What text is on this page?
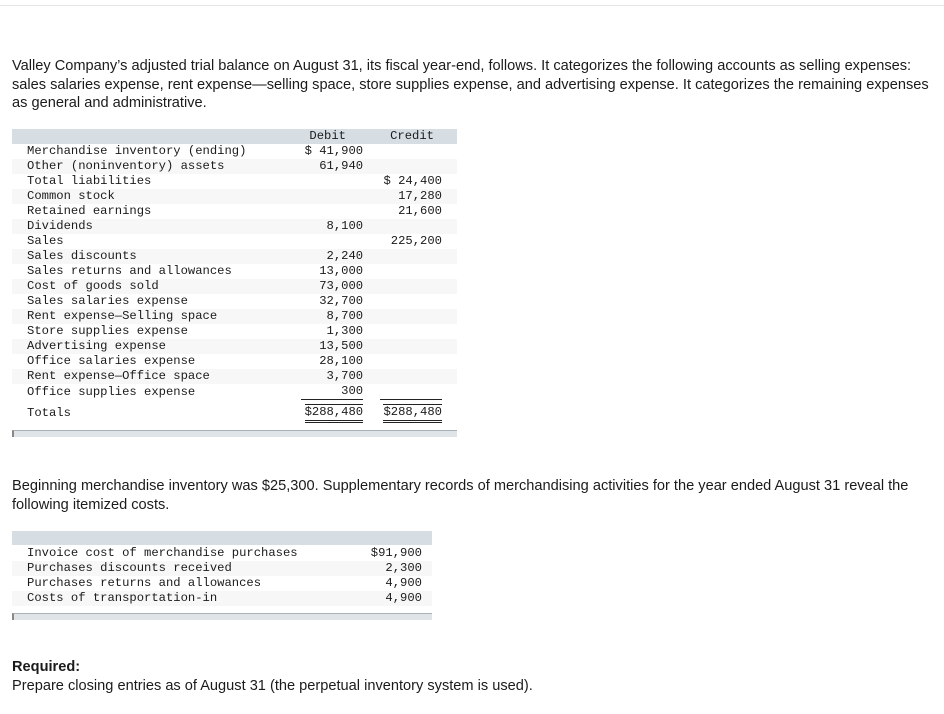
Valley Company’s adjusted trial balance on August 31, its fiscal year-end, follows. It categorizes the following accounts as selling expenses: sales salaries expense, rent expense—selling space, store supplies expense, and advertising expense. It categorizes the remaining expenses as general and administrative.

	Debit	Credit
Merchandise inventory (ending)	$ 41,900	
Other (noninventory) assets	61,940	
Total liabilities		$ 24,400
Common stock		17,280
Retained earnings		21,600
Dividends	8,100	
Sales		225,200
Sales discounts	2,240	
Sales returns and allowances	13,000	
Cost of goods sold	73,000	
Sales salaries expense	32,700	
Rent expense—Selling space	8,700	
Store supplies expense	1,300	
Advertising expense	13,500	
Office salaries expense	28,100	
Rent expense—Office space	3,700	
Office supplies expense	300	
Totals	$288,480	$288,480

Beginning merchandise inventory was $25,300. Supplementary records of merchandising activities for the year ended August 31 reveal the following itemized costs.

Invoice cost of merchandise purchases	$91,900
Purchases discounts received	2,300
Purchases returns and allowances	4,900
Costs of transportation-in	4,900

Required:

Prepare closing entries as of August 31 (the perpetual inventory system is used).
